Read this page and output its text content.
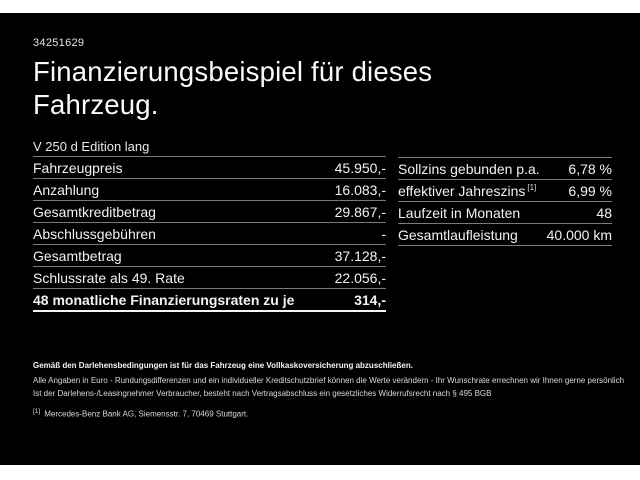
34251629
Finanzierungsbeispiel für dieses
Fahrzeug.
V 250 d Edition lang
Fahrzeugpreis	45.950,-
Anzahlung	16.083,-
Gesamtkreditbetrag	29.867,-
Abschlussgebühren	-
Gesamtbetrag	37.128,-
Schlussrate als 49. Rate	22.056,-
48 monatliche Finanzierungsraten zu je	314,-
Sollzins gebunden p.a. 6,78 %
effektiver Jahreszins [1] 6,99 %
Laufzeit in Monaten	48
Gesamtlaufleistung 40.000 km
Gemäß den Darlehensbedingungen ist für das Fahrzeug eine Vollkaskoversicherung abzuschließen.
Alle Angaben in Euro - Rundungsdifferenzen und ein individueller Kreditschutzbrief können die Werte verändern - Ihr Wunschrate errechnen wir Ihnen gerne persönlich
Ist der Darlehens-/Leasingnehmer Verbraucher, besteht nach Vertragsabschluss ein gesetzliches Widerrufsrecht nach § 495 BGB
[1] Mercedes-Benz Bank AG, Siemensstr. 7, 70469 Stuttgart.
